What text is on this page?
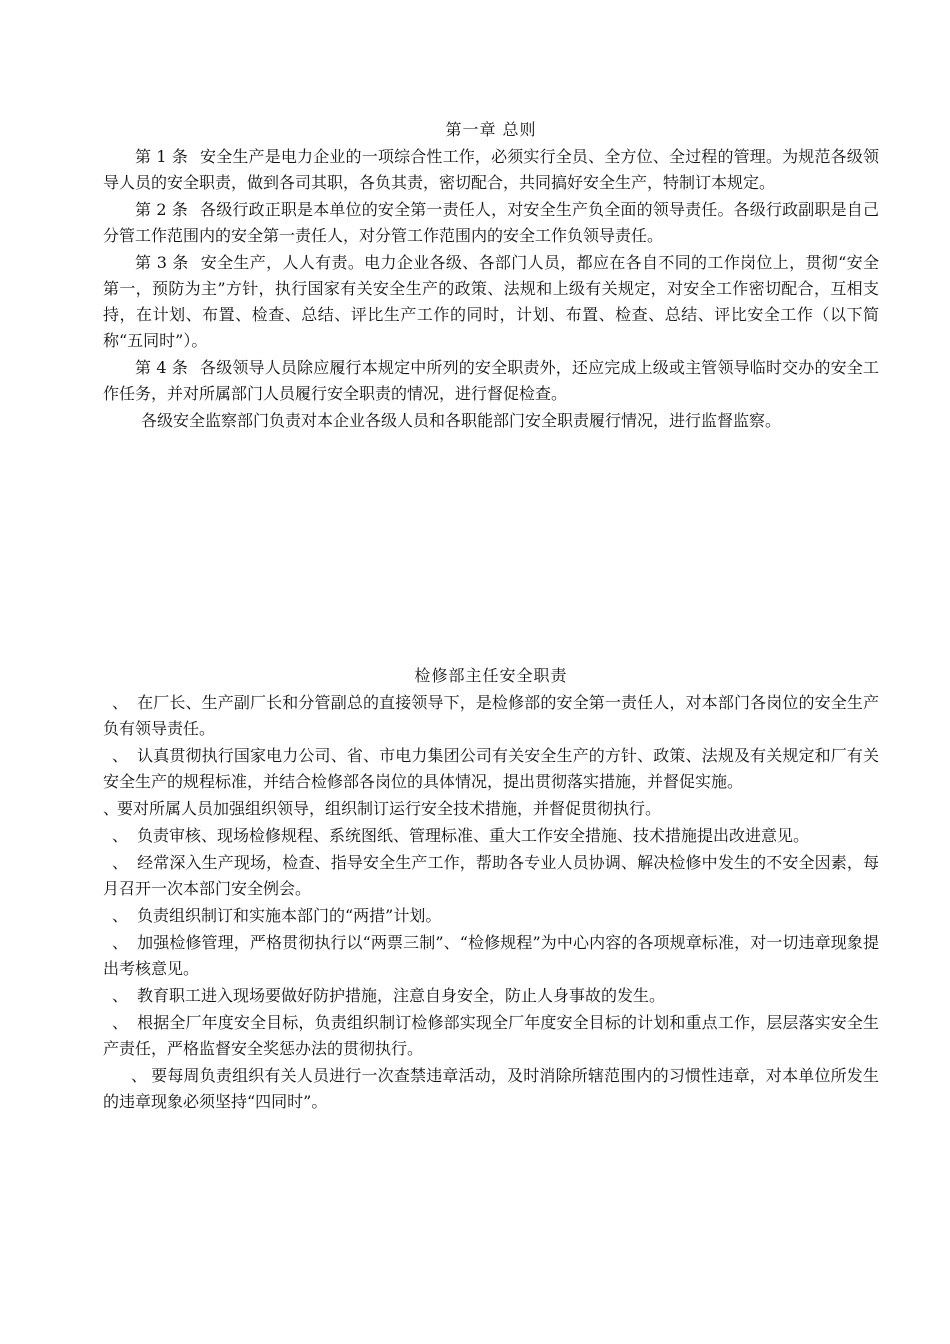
第一章 总则

第 1 条 安全生产是电力企业的一项综合性工作，必须实行全员、全方位、全过程的管理。为规范各级领导人员的安全职责，做到各司其职，各负其责，密切配合，共同搞好安全生产，特制订本规定。

第 2 条 各级行政正职是本单位的安全第一责任人，对安全生产负全面的领导责任。各级行政副职是自己分管工作范围内的安全第一责任人，对分管工作范围内的安全工作负领导责任。

第 3 条 安全生产，人人有责。电力企业各级、各部门人员，都应在各自不同的工作岗位上，贯彻“安全第一，预防为主”方针，执行国家有关安全生产的政策、法规和上级有关规定，对安全工作密切配合，互相支持，在计划、布置、检查、总结、评比生产工作的同时，计划、布置、检查、总结、评比安全工作（以下简称“五同时”）。

第 4 条 各级领导人员除应履行本规定中所列的安全职责外，还应完成上级或主管领导临时交办的安全工作任务，并对所属部门人员履行安全职责的情况，进行督促检查。

各级安全监察部门负责对本企业各级人员和各职能部门安全职责履行情况，进行监督监察。

检修部主任安全职责

、 在厂长、生产副厂长和分管副总的直接领导下，是检修部的安全第一责任人，对本部门各岗位的安全生产负有领导责任。

、 认真贯彻执行国家电力公司、省、市电力集团公司有关安全生产的方针、政策、法规及有关规定和厂有关安全生产的规程标准，并结合检修部各岗位的具体情况，提出贯彻落实措施，并督促实施。

、要对所属人员加强组织领导，组织制订运行安全技术措施，并督促贯彻执行。

、 负责审核、现场检修规程、系统图纸、管理标准、重大工作安全措施、技术措施提出改进意见。

、 经常深入生产现场，检查、指导安全生产工作，帮助各专业人员协调、解决检修中发生的不安全因素，每月召开一次本部门安全例会。

、 负责组织制订和实施本部门的“两措”计划。

、 加强检修管理，严格贯彻执行以“两票三制”、“检修规程”为中心内容的各项规章标准，对一切违章现象提出考核意见。

、 教育职工进入现场要做好防护措施，注意自身安全，防止人身事故的发生。

、 根据全厂年度安全目标，负责组织制订检修部实现全厂年度安全目标的计划和重点工作，层层落实安全生产责任，严格监督安全奖惩办法的贯彻执行。

、 要每周负责组织有关人员进行一次查禁违章活动，及时消除所辖范围内的习惯性违章，对本单位所发生的违章现象必须坚持“四同时”。
